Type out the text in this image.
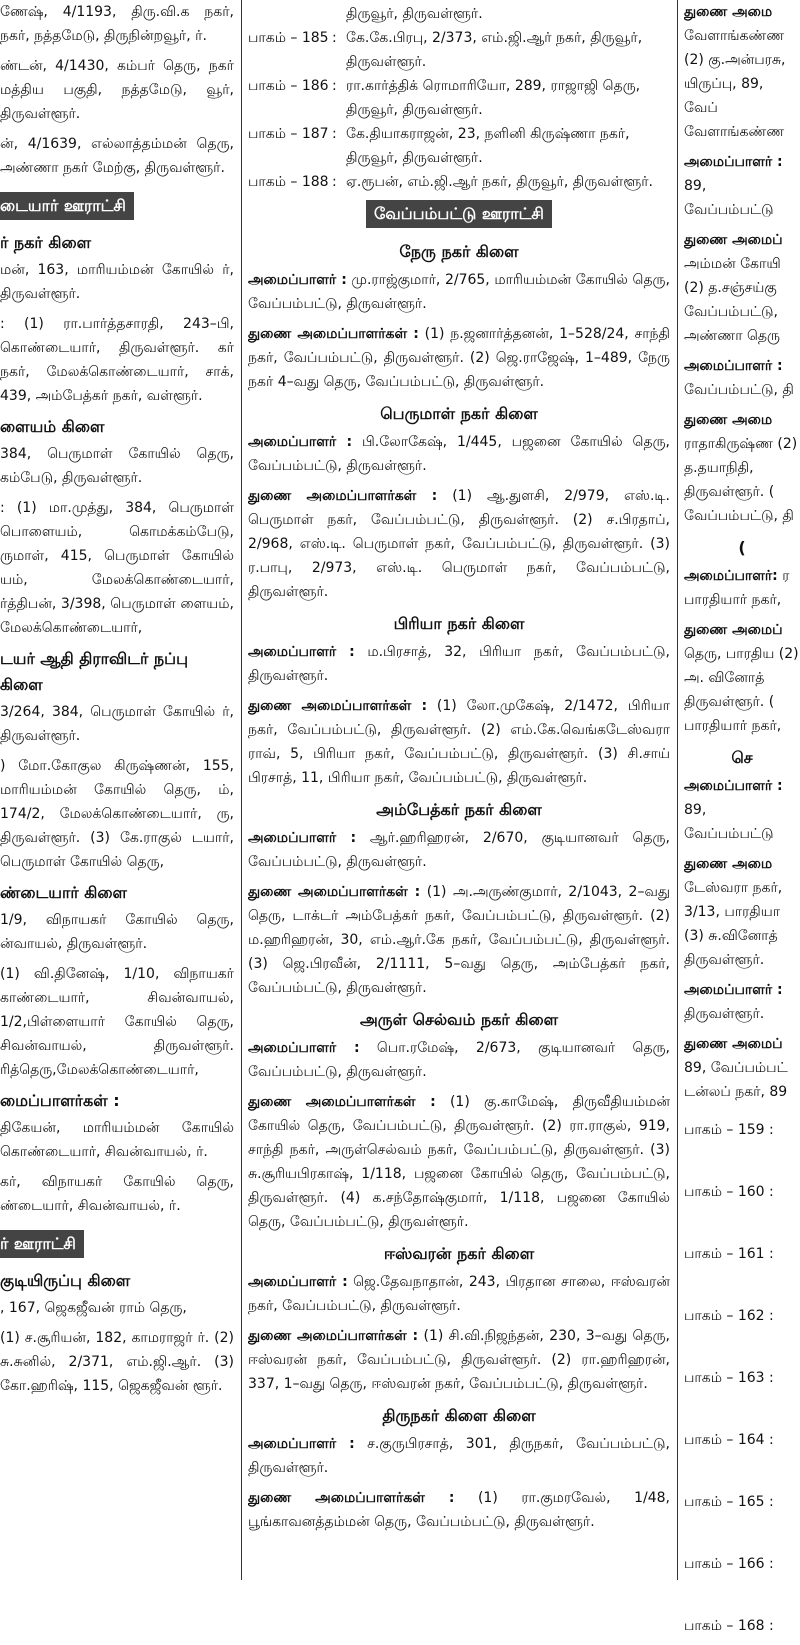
ணேஷ், 4/1193, திரு.வி.க நகர், நகர், நத்தமேடு, திருநின்றவூர், ர்.

ண்டன், 4/1430, கம்பர் தெரு, நகர் மத்திய பகுதி, நத்தமேடு, வூர், திருவள்ளூர்.

ன், 4/1639, எல்லாத்தம்மன் தெரு, அண்ணா நகர் மேற்கு, திருவள்ளூர்.

டையார் ஊராட்சி
ர் நகர் கிளை

மன், 163, மாரியம்மன் கோயில் ர், திருவள்ளூர்.

: (1) ரா.பார்த்தசாரதி, 243–பி, கொண்டையார், திருவள்ளூர். கர் நகர், மேலக்கொண்டையார், சாக், 439, அம்பேத்கர் நகர், வள்ளூர்.

ளையம் கிளை

384, பெருமாள் கோயில் தெரு, கம்பேடு, திருவள்ளூர்.

: (1) மா.முத்து, 384, பெருமாள் பொளையம், கொமக்கம்பேடு, ருமாள், 415, பெருமாள் கோயில் யம், மேலக்கொண்டையார், ர்த்திபன், 3/398, பெருமாள் ளையம், மேலக்கொண்டையார்,

டயர் ஆதி திராவிடர் நப்பு கிளை

3/264, 384, பெருமாள் கோயில் ர், திருவள்ளூர்.

) மோ.கோகுல கிருஷ்ணன், 155, மாரியம்மன் கோயில் தெரு, ம், 174/2, மேலக்கொண்டையார், ரு, திருவள்ளூர். (3) கே.ராகுல் டயார், பெருமாள் கோயில் தெரு,

ண்டையார் கிளை

1/9, விநாயகர் கோயில் தெரு, ன்வாயல், திருவள்ளூர்.

(1) வி.தினேஷ், 1/10, விநாயகர் காண்டையார், சிவன்வாயல், 1/2,பிள்ளையார் கோயில் தெரு, சிவன்வாயல், திருவள்ளூர். ரித்தெரு,மேலக்கொண்டையார்,

மைப்பாளர்கள் :

திகேயன், மாரியம்மன் கோயில் கொண்டையார், சிவன்வாயல், ர்.

கர், விநாயகர் கோயில் தெரு, ண்டையார், சிவன்வாயல், ர்.

ர் ஊராட்சி
குடியிருப்பு கிளை

, 167, ஜெகஜீவன் ராம் தெரு,

(1) ச.சூரியன், 182, காமராஜர் ர். (2) சு.சுனில், 2/371, எம்.ஜி.ஆர். (3) கோ.ஹரிஷ், 115, ஜெகஜீவன் ளூர்.

திருவூர், திருவள்ளூர்.

பாகம் – 185 : கே.கே.பிரபு, 2/373, எம்.ஜி.ஆர் நகர், திருவூர், திருவள்ளூர்.
பாகம் – 186 : ரா.கார்த்திக் ரொமாரியோ, 289, ராஜாஜி தெரு, திருவூர், திருவள்ளூர்.
பாகம் – 187 : கே.தியாகராஜன், 23, நளினி கிருஷ்ணா நகர், திருவூர், திருவள்ளூர்.
பாகம் – 188 : ஏ.ரூபன், எம்.ஜி.ஆர் நகர், திருவூர், திருவள்ளூர்.
வேப்பம்பட்டு ஊராட்சி
நேரு நகர் கிளை

அமைப்பாளர் : மு.ராஜ்குமார், 2/765, மாரியம்மன் கோயில் தெரு, வேப்பம்பட்டு, திருவள்ளூர்.

துணை அமைப்பாளர்கள் : (1) ந.ஜனார்த்தனன், 1–528/24, சாந்தி நகர், வேப்பம்பட்டு, திருவள்ளூர். (2) ஜெ.ராஜேஷ், 1–489, நேரு நகர் 4–வது தெரு, வேப்பம்பட்டு, திருவள்ளூர்.

பெருமாள் நகர் கிளை

அமைப்பாளர் : பி.லோகேஷ், 1/445, பஜனை கோயில் தெரு, வேப்பம்பட்டு, திருவள்ளூர்.

துணை அமைப்பாளர்கள் : (1) ஆ.துளசி, 2/979, எஸ்.டி. பெருமாள் நகர், வேப்பம்பட்டு, திருவள்ளூர். (2) ச.பிரதாப், 2/968, எஸ்.டி. பெருமாள் நகர், வேப்பம்பட்டு, திருவள்ளூர். (3) ர.பாபு, 2/973, எஸ்.டி. பெருமாள் நகர், வேப்பம்பட்டு, திருவள்ளூர்.

பிரியா நகர் கிளை

அமைப்பாளர் : ம.பிரசாத், 32, பிரியா நகர், வேப்பம்பட்டு, திருவள்ளூர்.

துணை அமைப்பாளர்கள் : (1) லோ.முகேஷ், 2/1472, பிரியா நகர், வேப்பம்பட்டு, திருவள்ளூர். (2) எம்.கே.வெங்கடேஸ்வரா ராவ், 5, பிரியா நகர், வேப்பம்பட்டு, திருவள்ளூர். (3) சி.சாய் பிரசாத், 11, பிரியா நகர், வேப்பம்பட்டு, திருவள்ளூர்.

அம்பேத்கர் நகர் கிளை

அமைப்பாளர் : ஆர்.ஹரிஹரன், 2/670, குடியானவர் தெரு, வேப்பம்பட்டு, திருவள்ளூர்.

துணை அமைப்பாளர்கள் : (1) அ.அருண்குமார், 2/1043, 2–வது தெரு, டாக்டர் அம்பேத்கர் நகர், வேப்பம்பட்டு, திருவள்ளூர். (2) ம.ஹரிஹரன், 30, எம்.ஆர்.கே நகர், வேப்பம்பட்டு, திருவள்ளூர். (3) ஜெ.பிரவீன், 2/1111, 5–வது தெரு, அம்பேத்கர் நகர், வேப்பம்பட்டு, திருவள்ளூர்.

அருள் செல்வம் நகர் கிளை

அமைப்பாளர் : பொ.ரமேஷ், 2/673, குடியானவர் தெரு, வேப்பம்பட்டு, திருவள்ளூர்.

துணை அமைப்பாளர்கள் : (1) கு.காமேஷ், திருவீதியம்மன் கோயில் தெரு, வேப்பம்பட்டு, திருவள்ளூர். (2) ரா.ராகுல், 919, சாந்தி நகர், அருள்செல்வம் நகர், வேப்பம்பட்டு, திருவள்ளூர். (3) சு.சூரியபிரகாஷ், 1/118, பஜனை கோயில் தெரு, வேப்பம்பட்டு, திருவள்ளூர். (4) க.சந்தோஷ்குமார், 1/118, பஜனை கோயில் தெரு, வேப்பம்பட்டு, திருவள்ளூர்.

ஈஸ்வரன் நகர் கிளை

அமைப்பாளர் : ஜெ.தேவநாதான், 243, பிரதான சாலை, ஈஸ்வரன் நகர், வேப்பம்பட்டு, திருவள்ளூர்.

துணை அமைப்பாளர்கள் : (1) சி.வி.நிஜந்தன், 230, 3–வது தெரு, ஈஸ்வரன் நகர், வேப்பம்பட்டு, திருவள்ளூர். (2) ரா.ஹரிஹரன், 337, 1–வது தெரு, ஈஸ்வரன் நகர், வேப்பம்பட்டு, திருவள்ளூர்.

திருநகர் கிளை கிளை

அமைப்பாளர் : ச.குருபிரசாத், 301, திருநகர், வேப்பம்பட்டு, திருவள்ளூர்.

துணை அமைப்பாளர்கள் : (1) ரா.குமரவேல், 1/48, பூங்காவனத்தம்மன் தெரு, வேப்பம்பட்டு, திருவள்ளூர்.

துணை அமை வேளாங்கண்ண (2) கு.அன்பரசு, யிருப்பு, 89, வேப் வேளாங்கண்ண

அமைப்பாளர் : 89, வேப்பம்பட்டு

துணை அமைப் அம்மன் கோயி (2) த.சஞ்சய்கு வேப்பம்பட்டு, அண்ணா தெரு

அமைப்பாளர் : வேப்பம்பட்டு, தி

துணை அமை ராதாகிருஷ்ண (2) த.தயாநிதி, திருவள்ளூர். ( வேப்பம்பட்டு, தி

(

அமைப்பாளர்: ர பாரதியார் நகர்,

துணை அமைப் தெரு, பாரதிய (2) அ. வினோத் திருவள்ளூர். ( பாரதியார் நகர்,

செ

அமைப்பாளர் : 89, வேப்பம்பட்டு

துணை அமை டேஸ்வரா நகர், 3/13, பாரதியா (3) சு.வினோத் திருவள்ளூர்.

அமைப்பாளர் : திருவள்ளூர்.

துணை அமைப் 89, வேப்பம்பட் டன்லப் நகர், 89

பாகம் – 159 :
பாகம் – 160 :
பாகம் – 161 :
பாகம் – 162 :
பாகம் – 163 :
பாகம் – 164 :
பாகம் – 165 :
பாகம் – 166 :
பாகம் – 168 :
